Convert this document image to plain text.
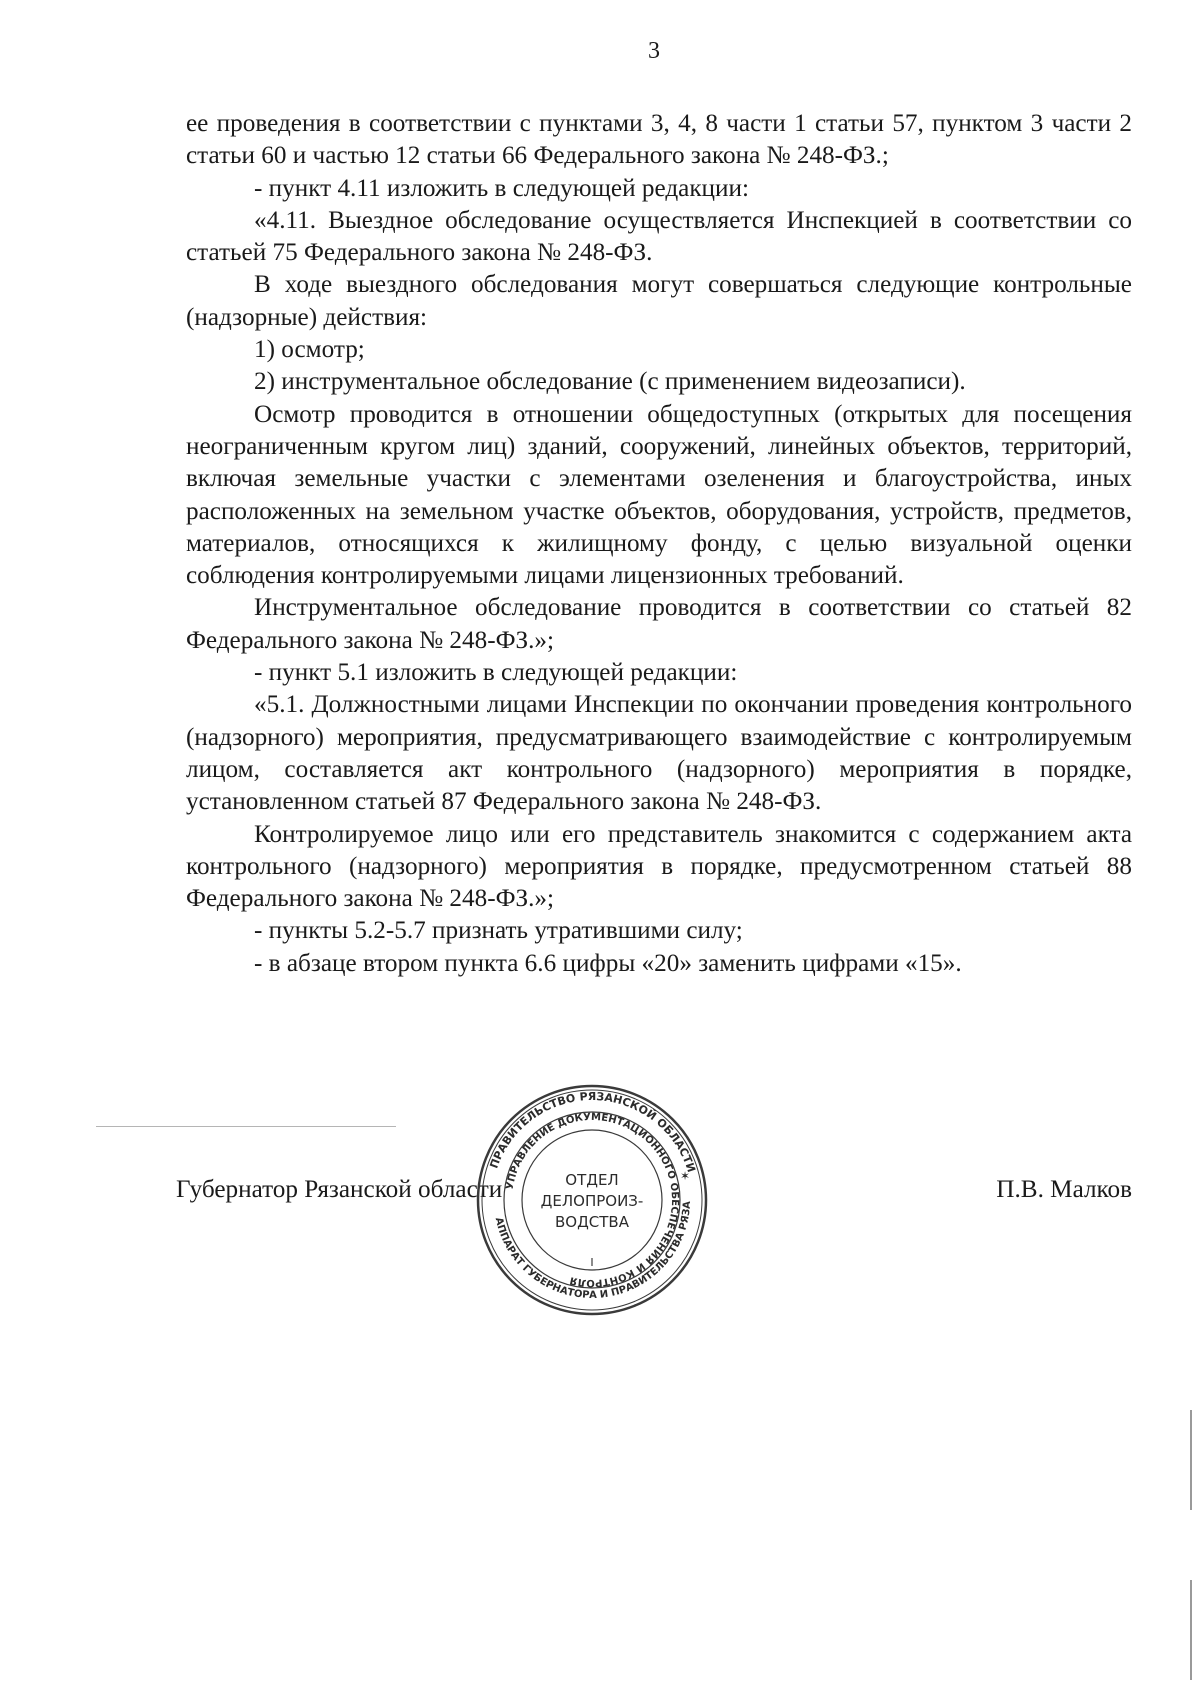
3

ее проведения в соответствии с пунктами 3, 4, 8 части 1 статьи 57, пунктом 3 части 2 статьи 60 и частью 12 статьи 66 Федерального закона № 248-ФЗ.;

- пункт 4.11 изложить в следующей редакции:

«4.11. Выездное обследование осуществляется Инспекцией в соответствии со статьей 75 Федерального закона № 248-ФЗ.

В ходе выездного обследования могут совершаться следующие контрольные (надзорные) действия:

1) осмотр;

2) инструментальное обследование (с применением видеозаписи).

Осмотр проводится в отношении общедоступных (открытых для посещения неограниченным кругом лиц) зданий, сооружений, линейных объектов, территорий, включая земельные участки с элементами озеленения и благоустройства, иных расположенных на земельном участке объектов, оборудования, устройств, предметов, материалов, относящихся к жилищному фонду, с целью визуальной оценки соблюдения контролируемыми лицами лицензионных требований.

Инструментальное обследование проводится в соответствии со статьей 82 Федерального закона № 248-ФЗ.»;

- пункт 5.1 изложить в следующей редакции:

«5.1. Должностными лицами Инспекции по окончании проведения контрольного (надзорного) мероприятия, предусматривающего взаимодействие с контролируемым лицом, составляется акт контрольного (надзорного) мероприятия в порядке, установленном статьей 87 Федерального закона № 248-ФЗ.

Контролируемое лицо или его представитель знакомится с содержанием акта контрольного (надзорного) мероприятия в порядке, предусмотренном статьей 88 Федерального закона № 248-ФЗ.»;

- пункты 5.2-5.7 признать утратившими силу;

- в абзаце втором пункта 6.6 цифры «20» заменить цифрами «15».

Губернатор Рязанской области	П.В. Малков
ПРАВИТЕЛЬСТВО РЯЗАНСКОЙ ОБЛАСТИ
АППАРАТ ГУБЕРНАТОРА И ПРАВИТЕЛЬСТВА РЯЗА
УПРАВЛЕНИЕ ДОКУМЕНТАЦИОННОГО ОБЕСПЕЧЕНИЯ И КОНТРОЛЯ
ОТДЕЛ
ДЕЛОПРОИЗ-
ВОДСТВА
I
✶
